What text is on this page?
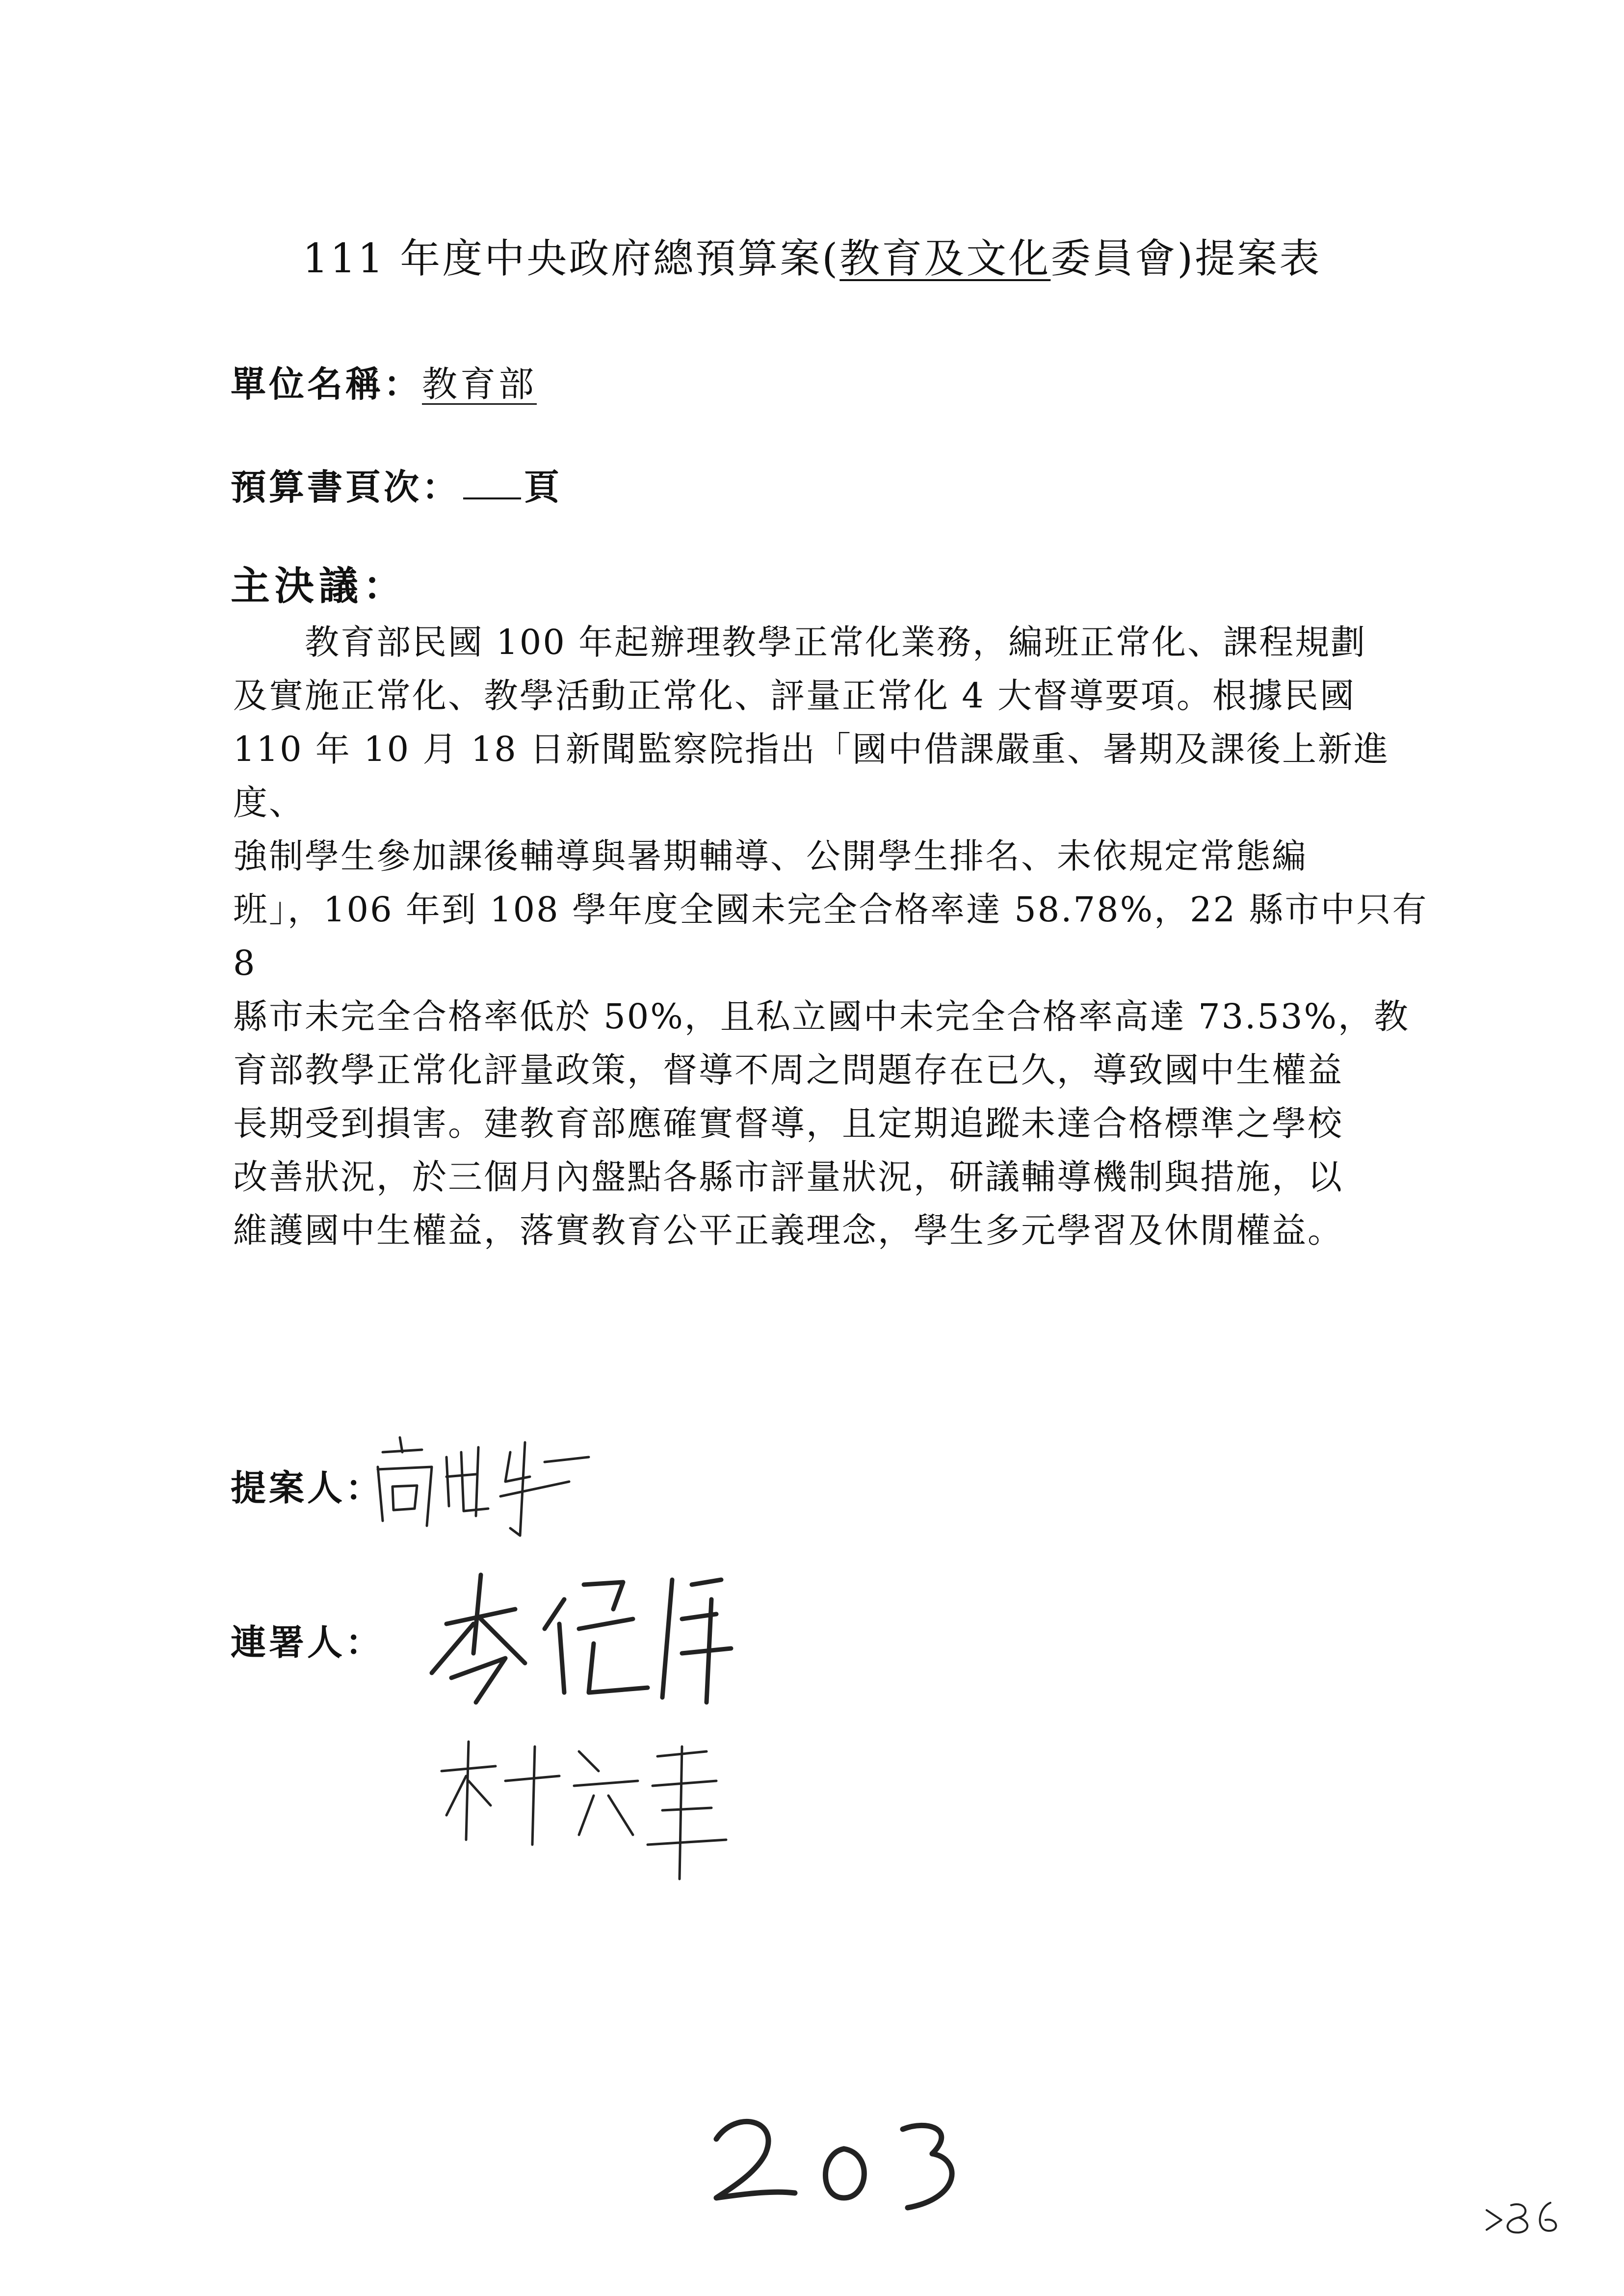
111 年度中央政府總預算案(教育及文化委員會)提案表
單位名稱：教育部
預算書頁次： 頁
主決議：
　　教育部民國 100 年起辦理教學正常化業務，編班正常化、課程規劃
及實施正常化、教學活動正常化、評量正常化 4 大督導要項。根據民國
110 年 10 月 18 日新聞監察院指出「國中借課嚴重、暑期及課後上新進度、
強制學生參加課後輔導與暑期輔導、公開學生排名、未依規定常態編
班」，106 年到 108 學年度全國未完全合格率達 58.78%，22 縣市中只有 8
縣市未完全合格率低於 50%，且私立國中未完全合格率高達 73.53%，教
育部教學正常化評量政策，督導不周之問題存在已久，導致國中生權益
長期受到損害。建教育部應確實督導，且定期追蹤未達合格標準之學校
改善狀況，於三個月內盤點各縣市評量狀況，研議輔導機制與措施，以
維護國中生權益，落實教育公平正義理念，學生多元學習及休閒權益。
提案人：
連署人：
